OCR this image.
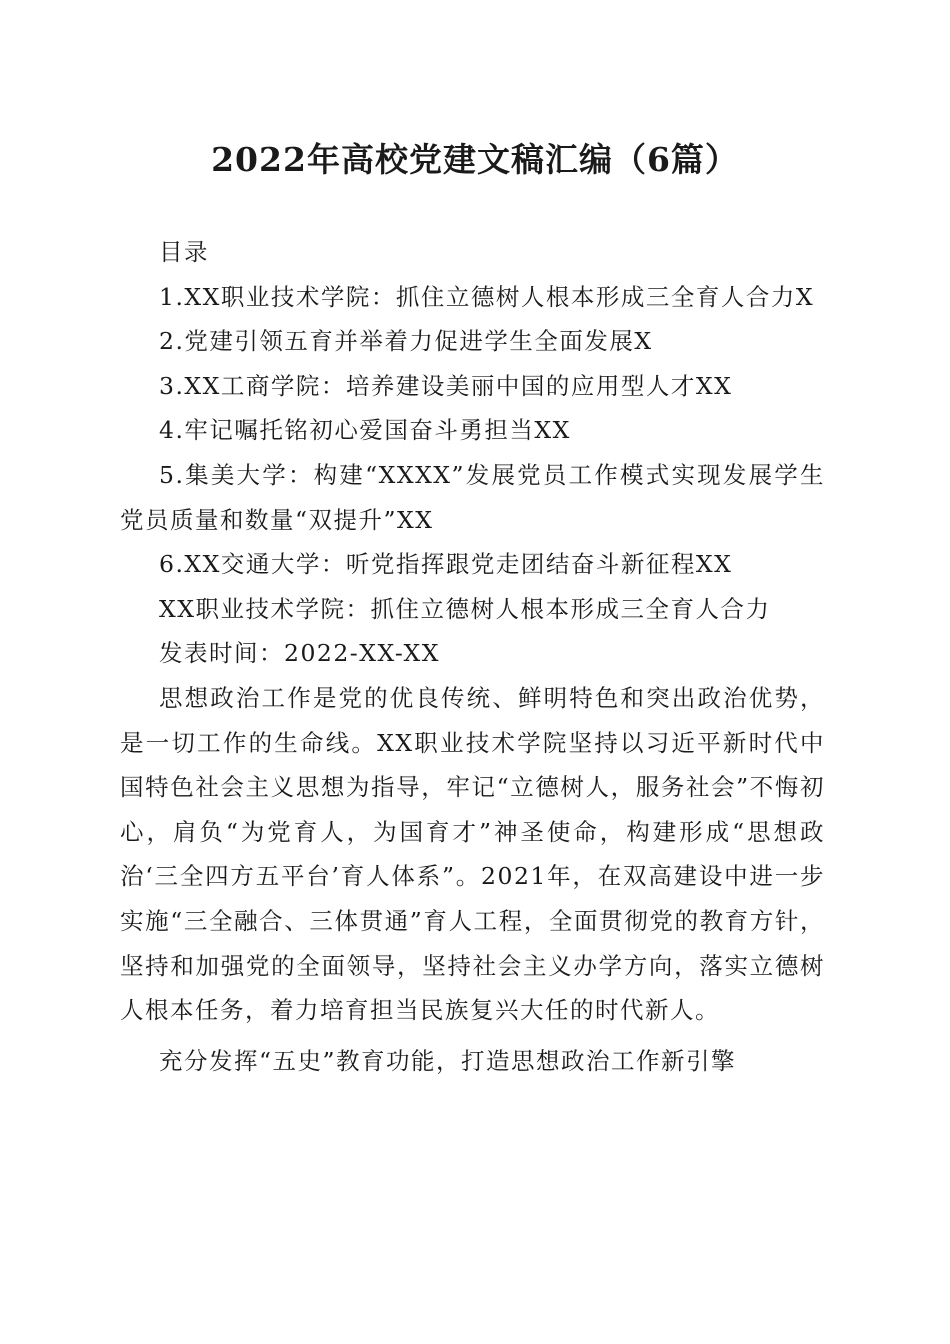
2022年高校党建文稿汇编（6篇）

目录

1.XX职业技术学院：抓住立德树人根本形成三全育人合力X

2.党建引领五育并举着力促进学生全面发展X

3.XX工商学院：培养建设美丽中国的应用型人才XX

4.牢记嘱托铭初心爱国奋斗勇担当XX

5.集美大学：构建“XXXX”发展党员工作模式实现发展学生党员质量和数量“双提升”XX

6.XX交通大学：听党指挥跟党走团结奋斗新征程XX

XX职业技术学院：抓住立德树人根本形成三全育人合力

发表时间：2022-XX-XX

思想政治工作是党的优良传统、鲜明特色和突出政治优势，是一切工作的生命线。XX职业技术学院坚持以习近平新时代中国特色社会主义思想为指导，牢记“立德树人，服务社会”不悔初心，肩负“为党育人，为国育才”神圣使命，构建形成“思想政治‘三全四方五平台’育人体系”。2021年，在双高建设中进一步实施“三全融合、三体贯通”育人工程，全面贯彻党的教育方针，坚持和加强党的全面领导，坚持社会主义办学方向，落实立德树人根本任务，着力培育担当民族复兴大任的时代新人。

充分发挥“五史”教育功能，打造思想政治工作新引擎
